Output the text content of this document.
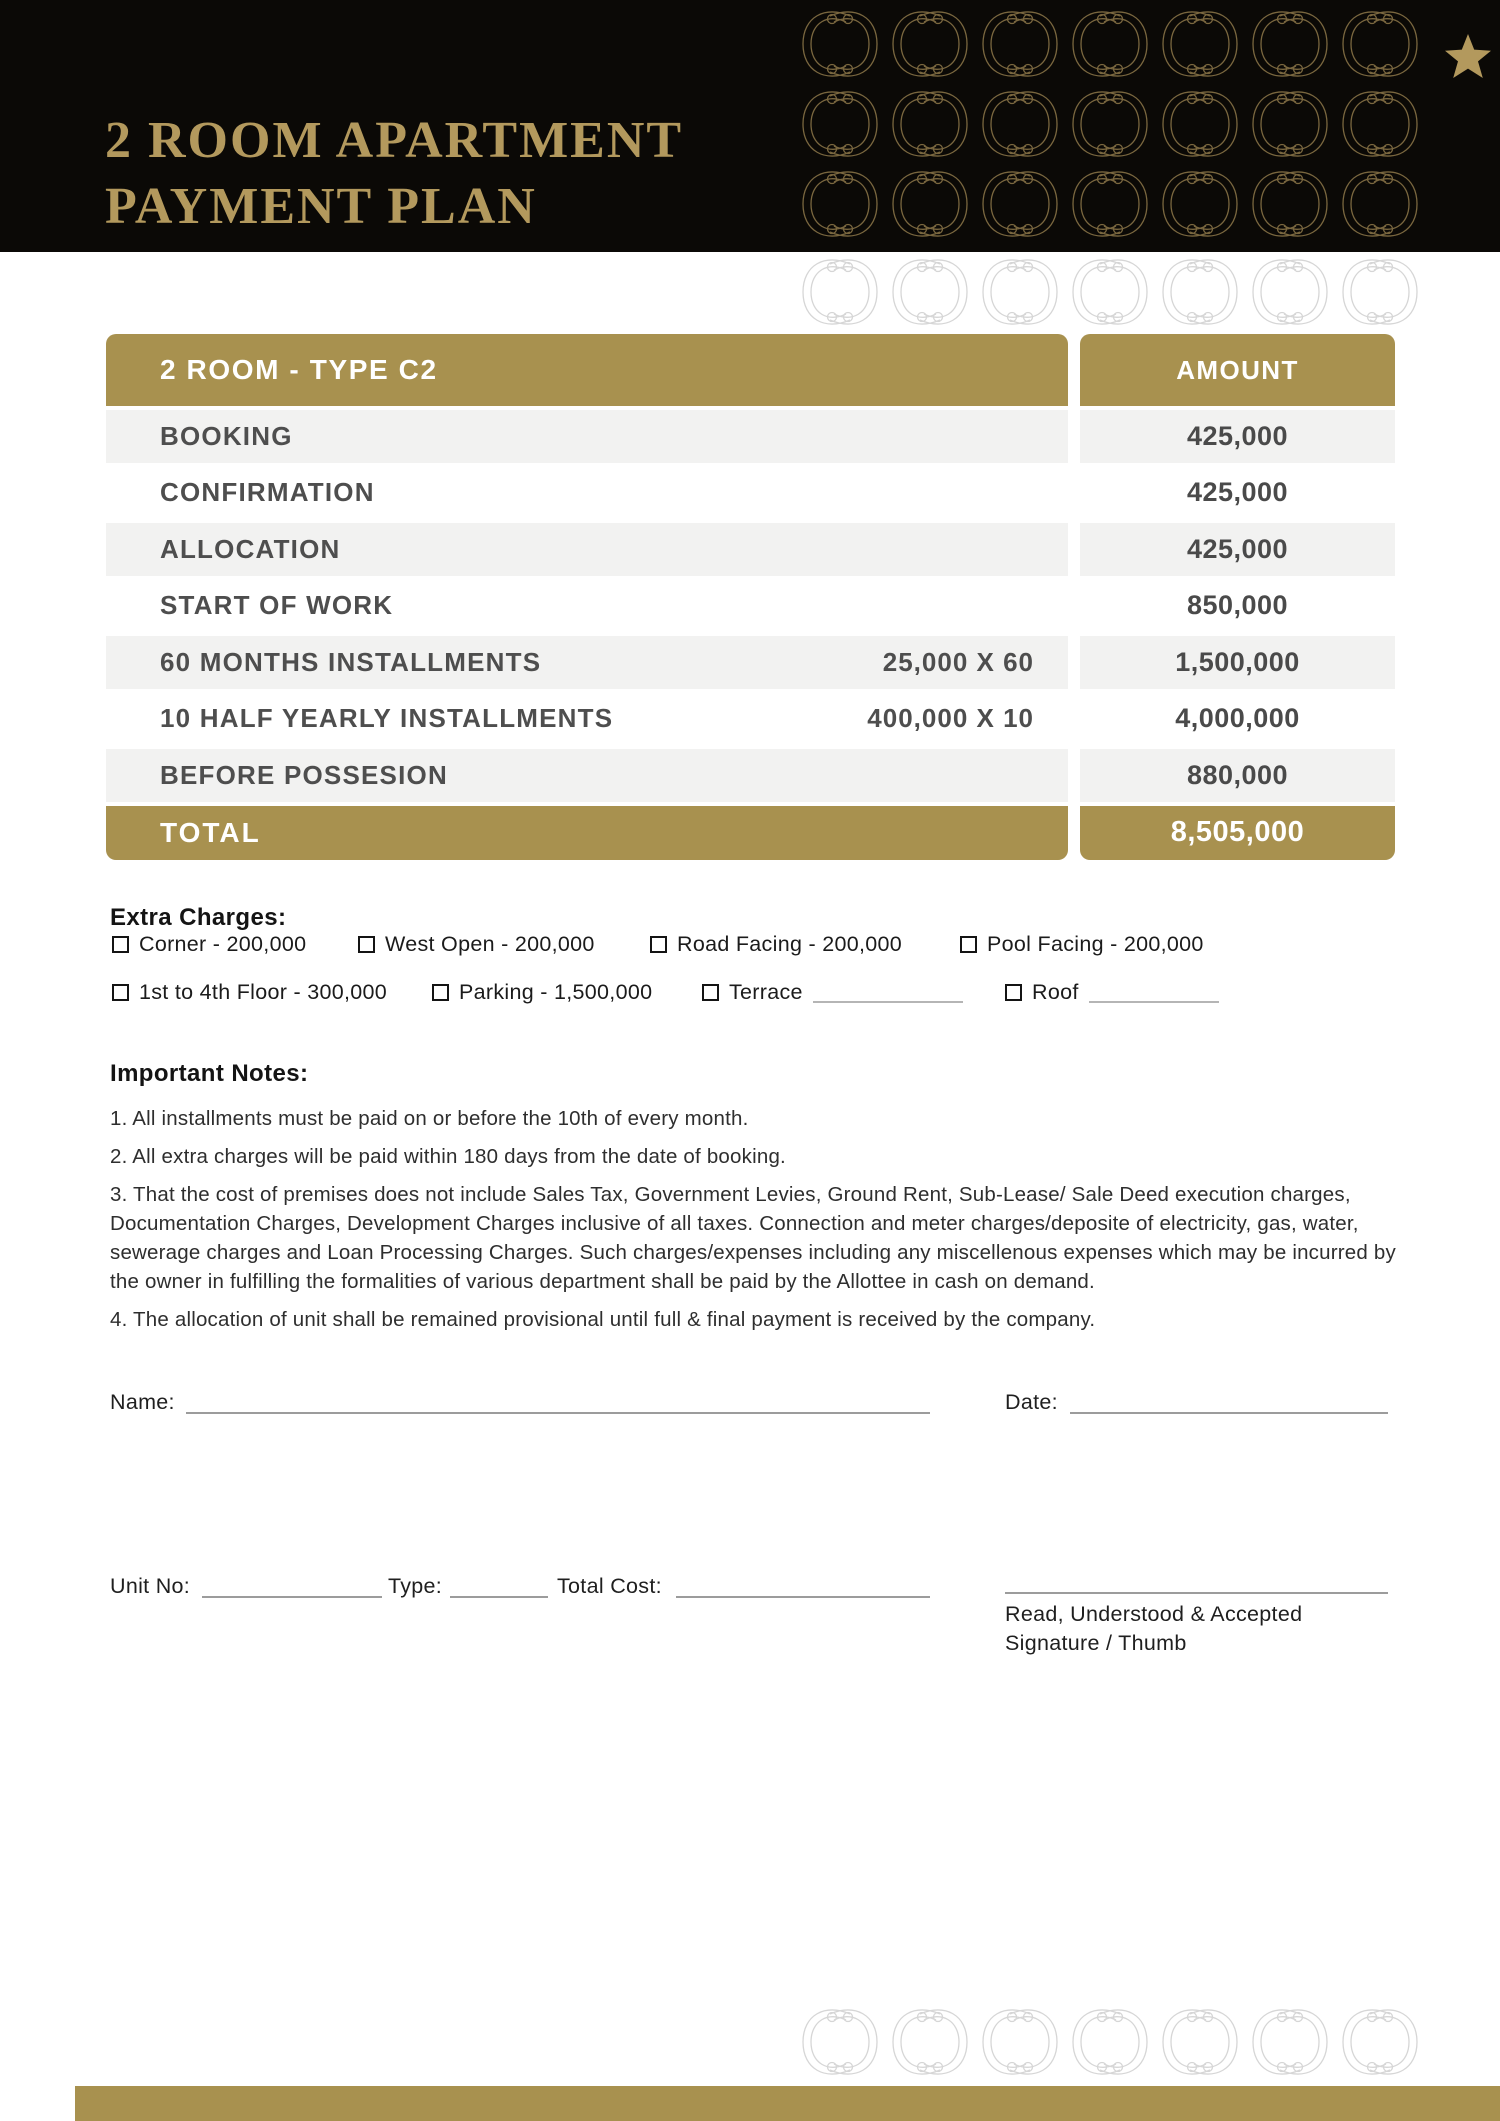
2 ROOM APARTMENT
PAYMENT PLAN
2 ROOM - TYPE C2	AMOUNT
BOOKING	425,000
CONFIRMATION	425,000
ALLOCATION	425,000
START OF WORK	850,000
60 MONTHS INSTALLMENTS	25,000 X 60	1,500,000
10 HALF YEARLY INSTALLMENTS	400,000 X 10	4,000,000
BEFORE POSSESION	880,000
TOTAL	8,505,000
Extra Charges:
Corner - 200,000	West Open - 200,000	Road Facing - 200,000	Pool Facing - 200,000
1st to 4th Floor - 300,000	Parking - 1,500,000	Terrace	Roof
Important Notes:

1. All installments must be paid on or before the 10th of every month.

2. All extra charges will be paid within 180 days from the date of booking.

3. That the cost of premises does not include Sales Tax, Government Levies, Ground Rent, Sub-Lease/ Sale Deed execution charges, Documentation Charges, Development Charges inclusive of all taxes. Connection and meter charges/deposite of electricity, gas, water, sewerage charges and Loan Processing Charges. Such charges/expenses including any miscellenous expenses which may be incurred by the owner in fulfilling the formalities of various department shall be paid by the Allottee in cash on demand.

4. The allocation of unit shall be remained provisional until full & final payment is received by the company.

Name:	Date:
Unit No:	Type:	Total Cost:
Read, Understood & Accepted
Signature / Thumb
